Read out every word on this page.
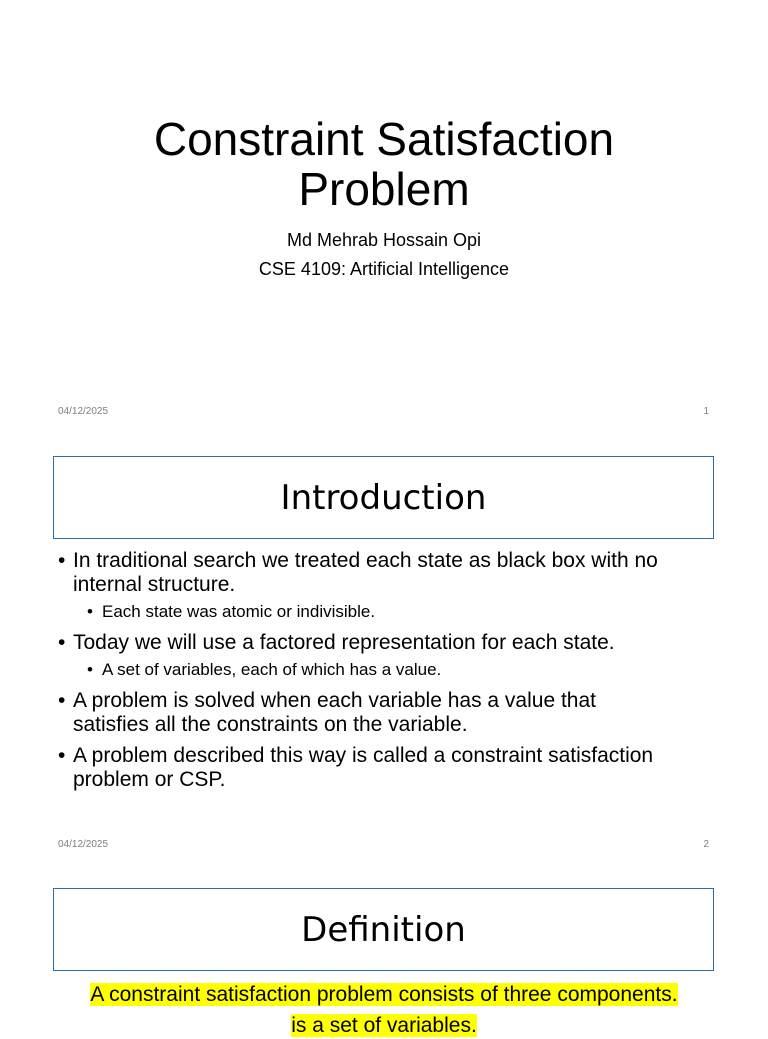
Constraint Satisfaction
Problem
Md Mehrab Hossain Opi
CSE 4109: Artificial Intelligence
04/12/2025	1
Introduction
• In traditional search we treated each state as black box with no
internal structure.
• Each state was atomic or indivisible.
• Today we will use a factored representation for each state.
• A set of variables, each of which has a value.
• A problem is solved when each variable has a value that
satisfies all the constraints on the variable.
• A problem described this way is called a constraint satisfaction
problem or CSP.
04/12/2025	2
Definition
A constraint satisfaction problem consists of three components.
is a set of variables.
